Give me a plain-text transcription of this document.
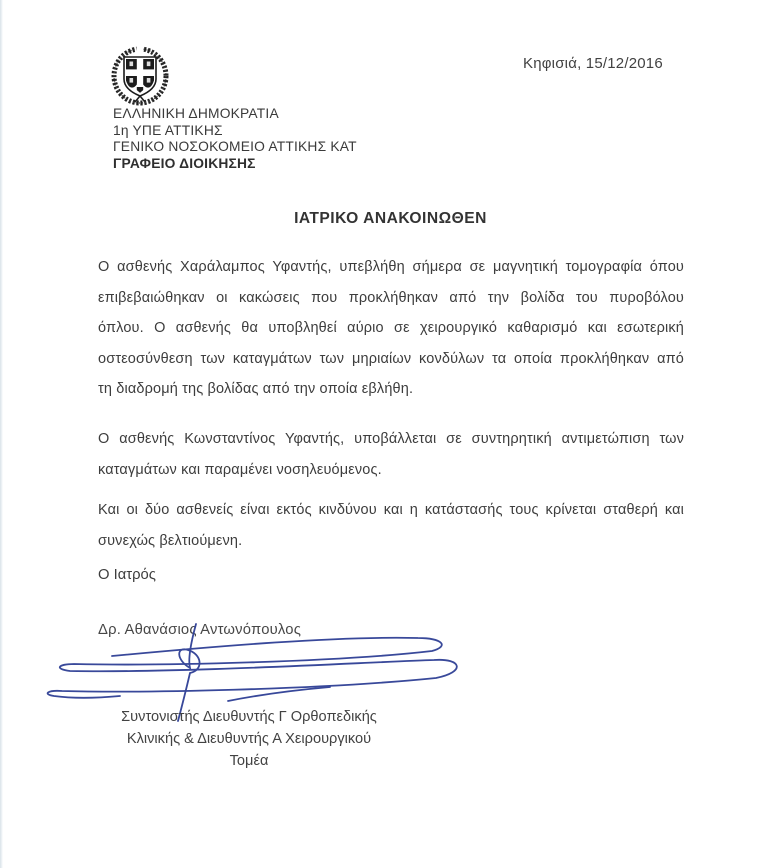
ΕΛΛΗΝΙΚΗ ΔΗΜΟΚΡΑΤΙΑ
1η ΥΠΕ ΑΤΤΙΚΗΣ
ΓΕΝΙΚΟ ΝΟΣΟΚΟΜΕΙΟ ΑΤΤΙΚΗΣ ΚΑΤ
ΓΡΑΦΕΙΟ ΔΙΟΙΚΗΣΗΣ
Κηφισιά, 15/12/2016
ΙΑΤΡΙΚΟ ΑΝΑΚΟΙΝΩΘΕΝ
Ο ασθενής Χαράλαμπος Υφαντής, υπεβλήθη σήμερα σε μαγνητική τομογραφία όπου
επιβεβαιώθηκαν οι κακώσεις που προκλήθηκαν από την βολίδα του πυροβόλου
όπλου. Ο ασθενής θα υποβληθεί αύριο σε χειρουργικό καθαρισμό και εσωτερική
οστεοσύνθεση των καταγμάτων των μηριαίων κονδύλων τα οποία προκλήθηκαν από
τη διαδρομή της βολίδας από την οποία εβλήθη.
Ο ασθενής Κωνσταντίνος Υφαντής, υποβάλλεται σε συντηρητική αντιμετώπιση των
καταγμάτων και παραμένει νοσηλευόμενος.
Και οι δύο ασθενείς είναι εκτός κινδύνου και η κατάστασής τους κρίνεται σταθερή και
συνεχώς βελτιούμενη.
Ο Ιατρός
Δρ. Αθανάσιος Αντωνόπουλος
Συντονιστής Διευθυντής Γ Ορθοπεδικής
Κλινικής & Διευθυντής Α Χειρουργικού
Τομέα
